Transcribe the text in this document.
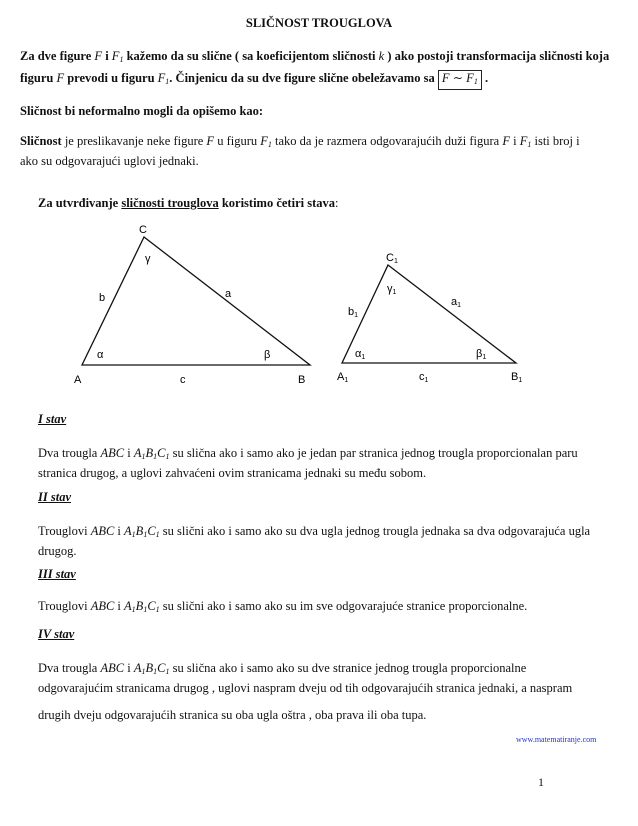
SLIČNOST TROUGLOVA
Za dve figure F i $F_1$ kažemo da su slične ( sa koeficijentom sličnosti k ) ako postoji transformacija sličnosti koja
figuru F prevodi u figuru $F_1$. Činjenicu da su dve figure slične obeležavamo sa F ∼ $F_1$ .
Sličnost bi neformalno mogli da opišemo kao:
Sličnost je preslikavanje neke figure F u figuru $F_1$ tako da je razmera odgovarajućih duži figura F i $F_1$ isti broj i
ako su odgovarajući uglovi jednaki.
Za utvrđivanje sličnosti trouglova koristimo četiri stava:
C
A	B
b	a
c
γ
α	β
C1
A1	B1
b1
a1
c1
γ1
α1	β1
I stav
Dva trougla ABC i $A_1B_1C_1$ su slična ako i samo ako je jedan par stranica jednog trougla proporcionalan paru
stranica drugog, a uglovi zahvaćeni ovim stranicama jednaki su među sobom.
II stav
Trouglovi ABC i $A_1B_1C_1$ su slični ako i samo ako su dva ugla jednog trougla jednaka sa dva odgovarajuća ugla
drugog.
III stav
Trouglovi ABC i $A_1B_1C_1$ su slični ako i samo ako su im sve odgovarajuće stranice proporcionalne.
IV stav
Dva trougla ABC i $A_1B_1C_1$ su slična ako i samo ako su dve stranice jednog trougla proporcionalne
odgovarajućim stranicama drugog , uglovi naspram dveju od tih odgovarajućih stranica jednaki, a naspram
drugih dveju odgovarajućih stranica su oba ugla oštra , oba prava ili oba tupa.
www.matematiranje.com
1
